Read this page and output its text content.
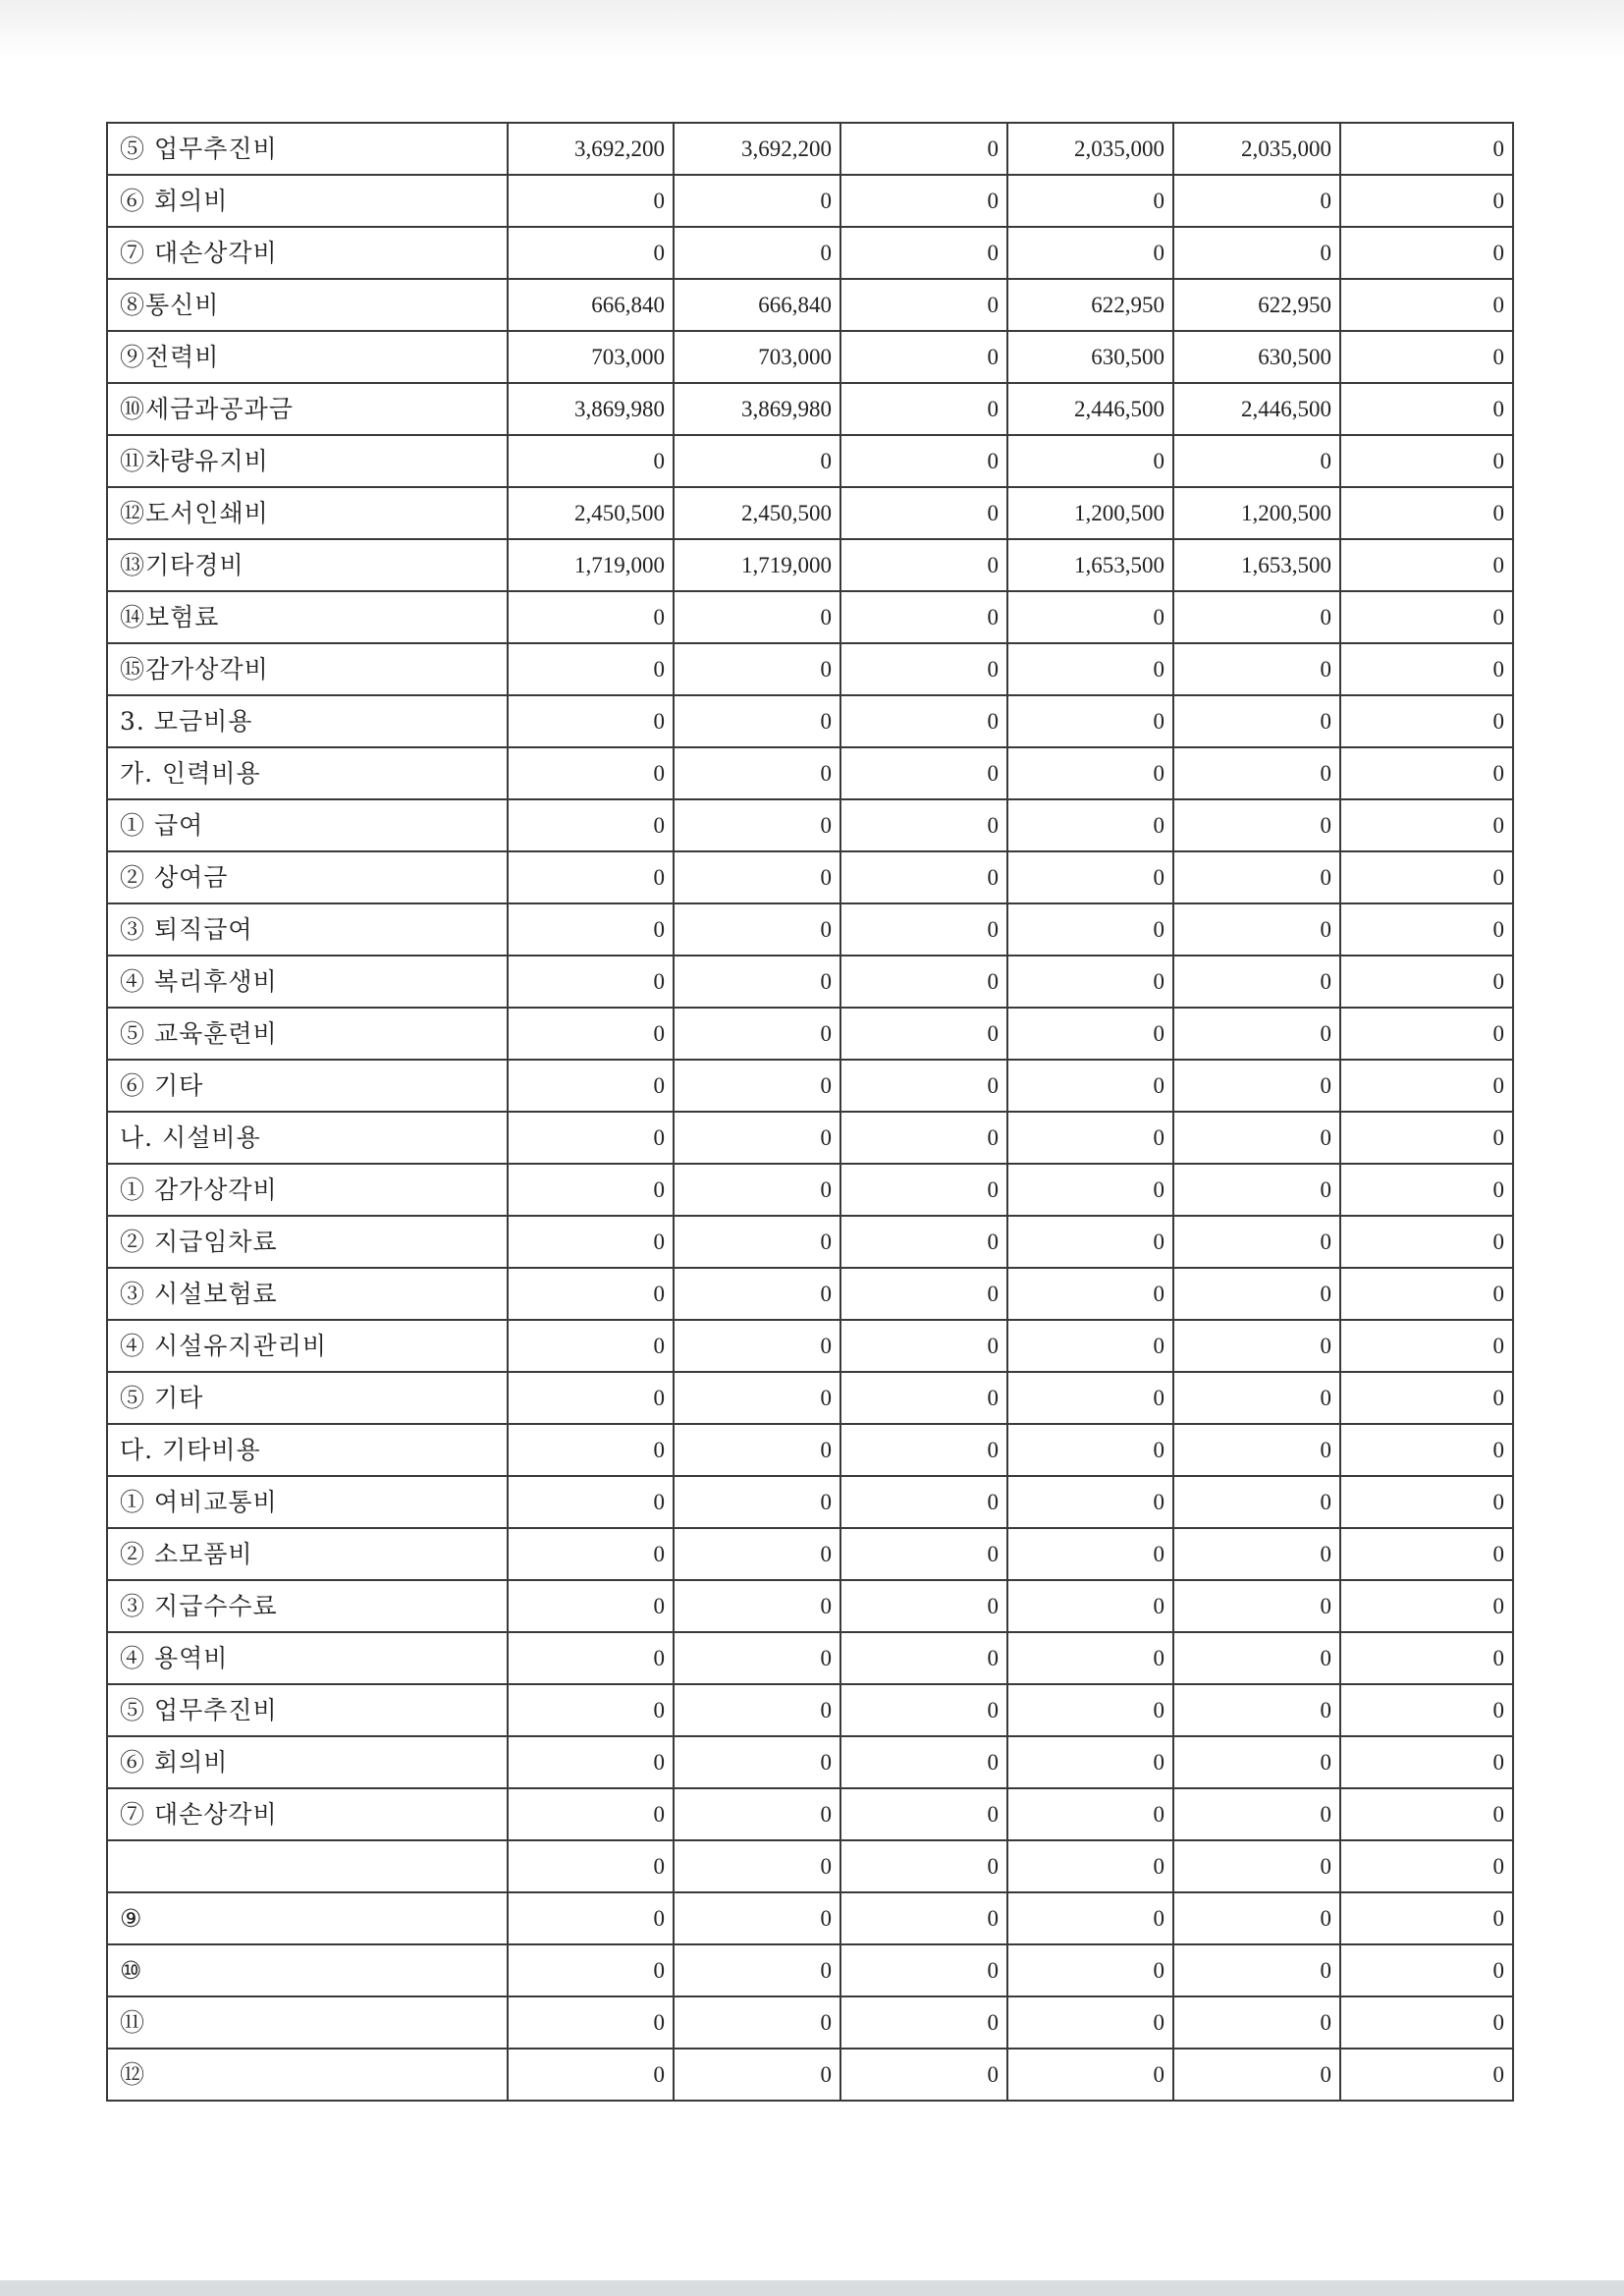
⑤ 업무추진비	3,692,200	3,692,200	0	2,035,000	2,035,000	0
⑥ 회의비	0	0	0	0	0	0
⑦ 대손상각비	0	0	0	0	0	0
⑧통신비	666,840	666,840	0	622,950	622,950	0
⑨전력비	703,000	703,000	0	630,500	630,500	0
⑩세금과공과금	3,869,980	3,869,980	0	2,446,500	2,446,500	0
⑪차량유지비	0	0	0	0	0	0
⑫도서인쇄비	2,450,500	2,450,500	0	1,200,500	1,200,500	0
⑬기타경비	1,719,000	1,719,000	0	1,653,500	1,653,500	0
⑭보험료	0	0	0	0	0	0
⑮감가상각비	0	0	0	0	0	0
3. 모금비용	0	0	0	0	0	0
가. 인력비용	0	0	0	0	0	0
① 급여	0	0	0	0	0	0
② 상여금	0	0	0	0	0	0
③ 퇴직급여	0	0	0	0	0	0
④ 복리후생비	0	0	0	0	0	0
⑤ 교육훈련비	0	0	0	0	0	0
⑥ 기타	0	0	0	0	0	0
나. 시설비용	0	0	0	0	0	0
① 감가상각비	0	0	0	0	0	0
② 지급임차료	0	0	0	0	0	0
③ 시설보험료	0	0	0	0	0	0
④ 시설유지관리비	0	0	0	0	0	0
⑤ 기타	0	0	0	0	0	0
다. 기타비용	0	0	0	0	0	0
① 여비교통비	0	0	0	0	0	0
② 소모품비	0	0	0	0	0	0
③ 지급수수료	0	0	0	0	0	0
④ 용역비	0	0	0	0	0	0
⑤ 업무추진비	0	0	0	0	0	0
⑥ 회의비	0	0	0	0	0	0
⑦ 대손상각비	0	0	0	0	0	0
	0	0	0	0	0	0
⑨	0	0	0	0	0	0
⑩	0	0	0	0	0	0
⑪	0	0	0	0	0	0
⑫	0	0	0	0	0	0
